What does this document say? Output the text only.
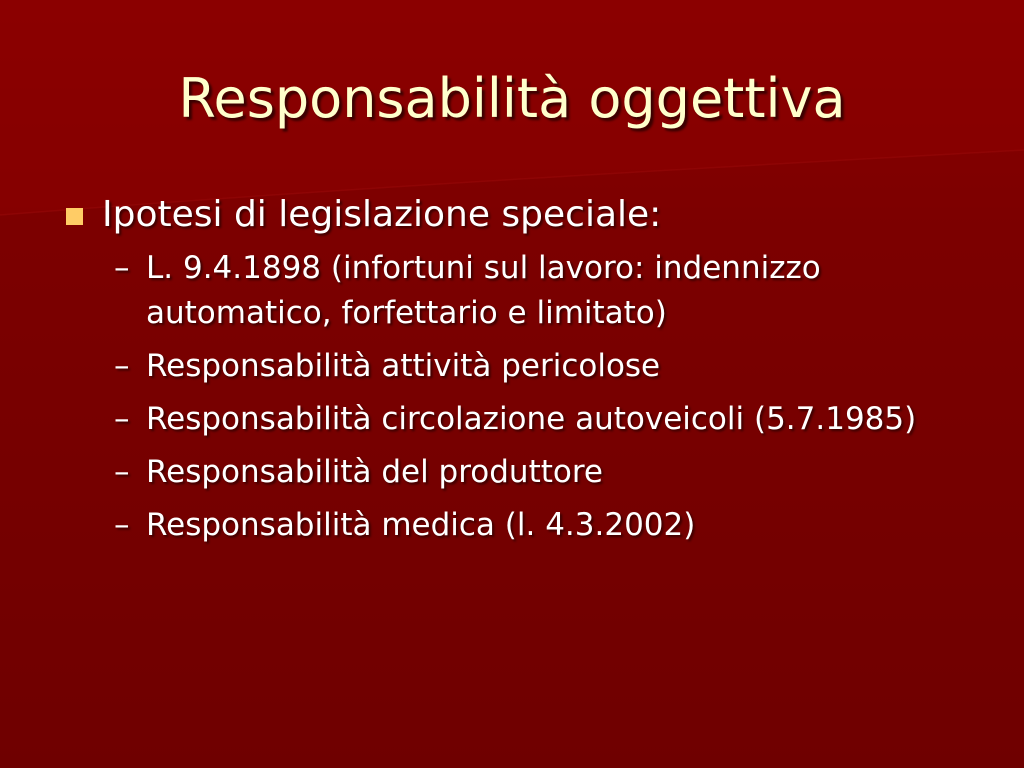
Responsabilità oggettiva
Ipotesi di legislazione speciale:
– L. 9.4.1898 (infortuni sul lavoro: indennizzo automatico, forfettario e limitato)
– Responsabilità attività pericolose
– Responsabilità circolazione autoveicoli (5.7.1985)
– Responsabilità del produttore
– Responsabilità medica (l. 4.3.2002)
